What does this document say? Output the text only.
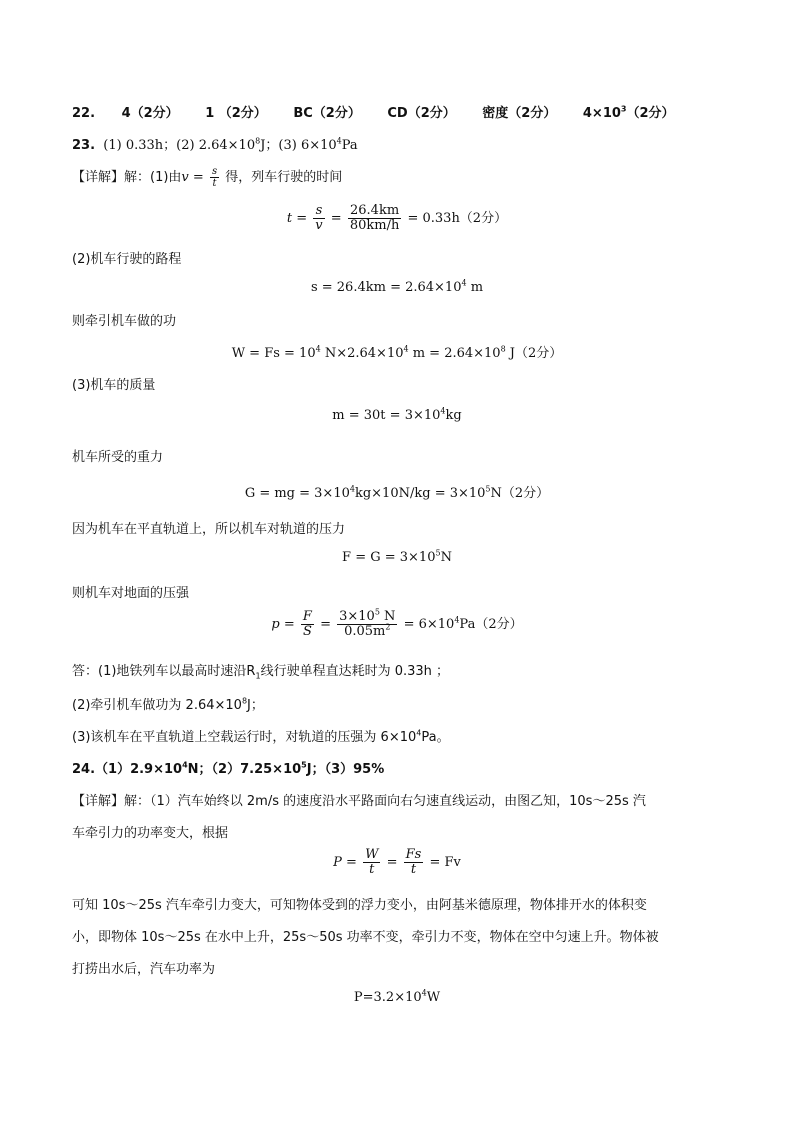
22. 4（2分） 1 （2分） BC（2分） CD（2分） 密度（2分） $4\times 10^3(2$分）
23. (1) 0.33h；(2) $2.64\times 10^8J$；(3) $6\times 10^4Pa$
【详解】解：(1)由$v = \frac{s}{t}$ 得，列车行驶的时间
$t = \frac{s}{v} = \frac{26.4km}{80km/h} = 0.33h(2$分）
(2)机车行驶的路程
$s = 26.4km = 2.64\times 10^4$ m
则牵引机车做的功
$W = Fs = 10^4$ $N\times 2.64\times 10^4$ $m = 2.64\times 10^8$ J（2分）
(3)机车的质量
$m = 30t = 3\times 10^4kg$
机车所受的重力
G = mg = $3\times 10^4kg\times 10N/kg = 3\times 10^5N(2$分）
因为机车在平直轨道上，所以机车对轨道的压力
$F = G = 3\times 10^5N$
则机车对地面的压强
$p = \frac{F}{S} = \frac{3\times 10^5 N}{0.05m^2} = 6\times 10^4Pa(2$分）
答：(1)地铁列车以最高时速沿$R_1$线行驶单程直达耗时为 0.33h ；
(2)牵引机车做功为 $2.64\times 10^8J$；
(3)该机车在平直轨道上空载运行时，对轨道的压强为 $6\times 10^4Pa$。
$24.(1)2.9\times 10^4N$；$(2)7.25\times 10^5J$；（3）95%
【详解】解：（1）汽车始终以 2m/s 的速度沿水平路面向右匀速直线运动，由图乙知，10s～25s 汽
车牵引力的功率变大，根据
$P = \frac{W}{t} = \frac{Fs}{t} = Fv$
可知 10s～25s 汽车牵引力变大，可知物体受到的浮力变小，由阿基米德原理，物体排开水的体积变
小，即物体 10s～25s 在水中上升，25s～50s 功率不变，牵引力不变，物体在空中匀速上升。物体被
打捞出水后，汽车功率为
$P=3.2\times 10^4W$
